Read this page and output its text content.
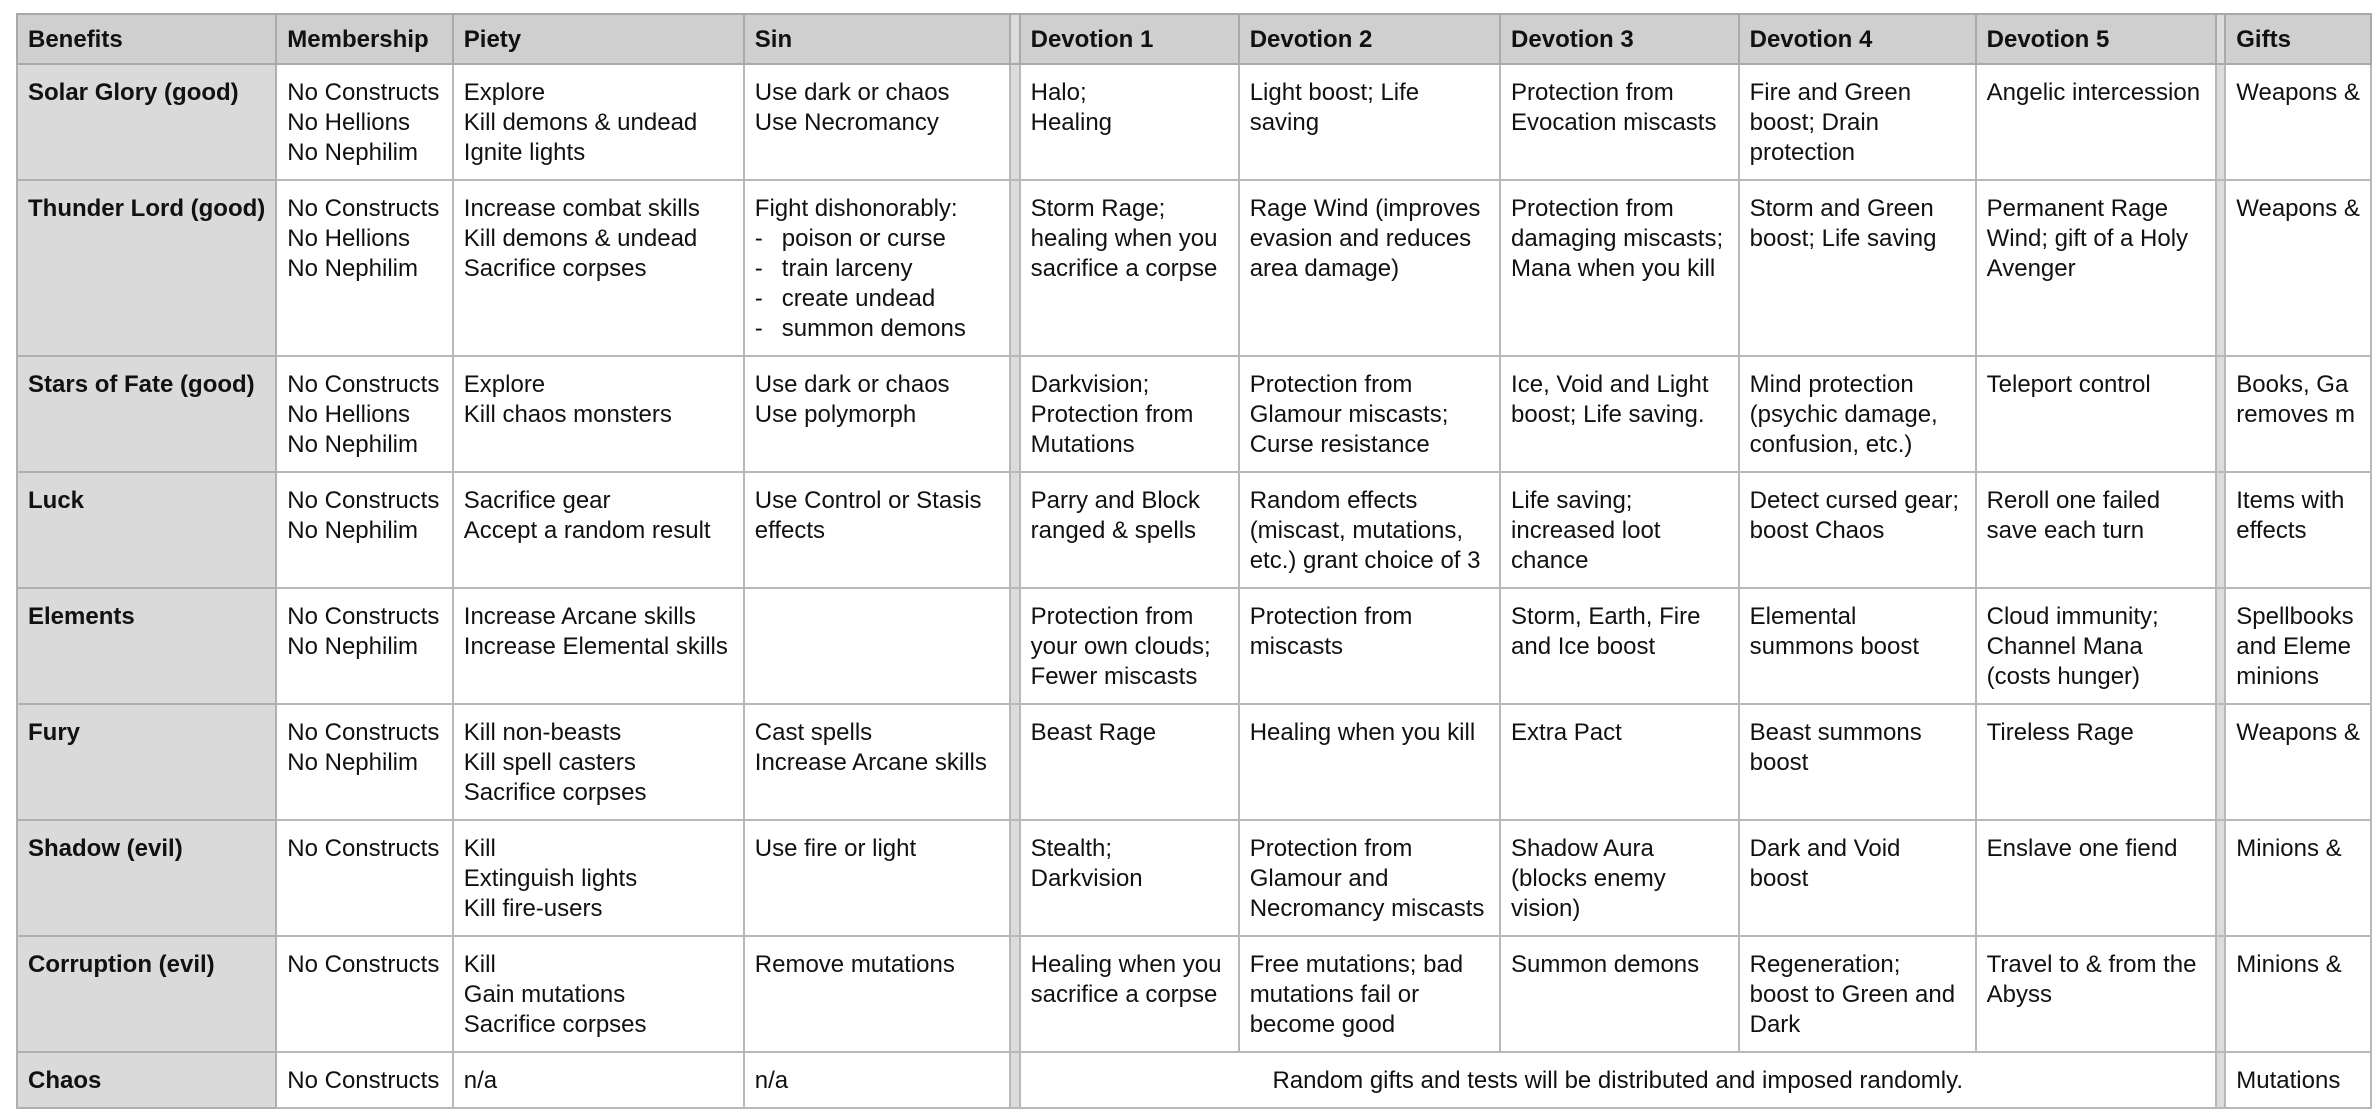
Benefits	Membership	Piety	Sin		Devotion 1	Devotion 2	Devotion 3	Devotion 4	Devotion 5		Gifts

Solar Glory (good)	No Constructs
No Hellions
No Nephilim	Explore
Kill demons & undead
Ignite lights	Use dark or chaos
Use Necromancy		Halo;
Healing	Light boost; Life
saving	Protection from
Evocation miscasts	Fire and Green
boost; Drain
protection	Angelic intercession		Weapons &

Thunder Lord (good)	No Constructs
No Hellions
No Nephilim	Increase combat skills
Kill demons & undead
Sacrifice corpses	Fight dishonorably:
- poison or curse
- train larceny
- create undead
- summon demons		Storm Rage;
healing when you
sacrifice a corpse	Rage Wind (improves
evasion and reduces
area damage)	Protection from
damaging miscasts;
Mana when you kill	Storm and Green
boost; Life saving	Permanent Rage
Wind; gift of a Holy
Avenger		Weapons &

Stars of Fate (good)	No Constructs
No Hellions
No Nephilim	Explore
Kill chaos monsters	Use dark or chaos
Use polymorph		Darkvision;
Protection from
Mutations	Protection from
Glamour miscasts;
Curse resistance	Ice, Void and Light
boost; Life saving.	Mind protection
(psychic damage,
confusion, etc.)	Teleport control		Books, Ga
removes m

Luck	No Constructs
No Nephilim	Sacrifice gear
Accept a random result	Use Control or Stasis
effects		Parry and Block
ranged & spells	Random effects
(miscast, mutations,
etc.) grant choice of 3	Life saving;
increased loot
chance	Detect cursed gear;
boost Chaos	Reroll one failed
save each turn		Items with
effects

Elements	No Constructs
No Nephilim	Increase Arcane skills
Increase Elemental skills			Protection from
your own clouds;
Fewer miscasts	Protection from
miscasts	Storm, Earth, Fire
and Ice boost	Elemental
summons boost	Cloud immunity;
Channel Mana
(costs hunger)		Spellbooks
and Eleme
minions

Fury	No Constructs
No Nephilim	Kill non-beasts
Kill spell casters
Sacrifice corpses	Cast spells
Increase Arcane skills		Beast Rage	Healing when you kill	Extra Pact	Beast summons
boost	Tireless Rage		Weapons &

Shadow (evil)	No Constructs	Kill
Extinguish lights
Kill fire-users	Use fire or light		Stealth;
Darkvision	Protection from
Glamour and
Necromancy miscasts	Shadow Aura
(blocks enemy
vision)	Dark and Void
boost	Enslave one fiend		Minions &

Corruption (evil)	No Constructs	Kill
Gain mutations
Sacrifice corpses	Remove mutations		Healing when you
sacrifice a corpse	Free mutations; bad
mutations fail or
become good	Summon demons	Regeneration;
boost to Green and
Dark	Travel to & from the
Abyss		Minions &

Chaos	No Constructs	n/a	n/a		Random gifts and tests will be distributed and imposed randomly.						Mutations
